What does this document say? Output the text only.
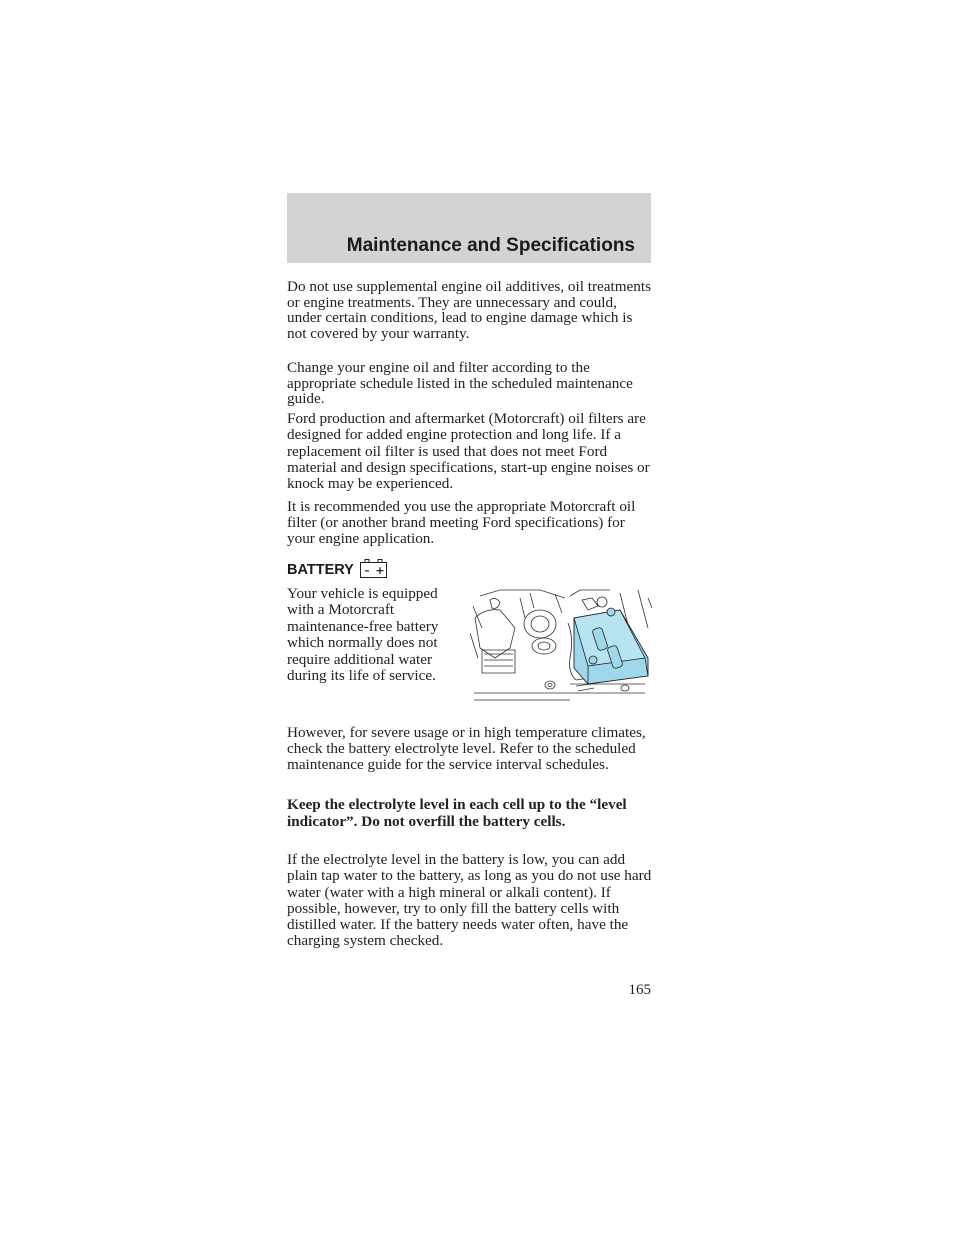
Maintenance and Specifications

Do not use supplemental engine oil additives, oil treatments or engine treatments. They are unnecessary and could, under certain conditions, lead to engine damage which is not covered by your warranty.

Change your engine oil and filter according to the appropriate schedule listed in the scheduled maintenance guide.

Ford production and aftermarket (Motorcraft) oil filters are designed for added engine protection and long life. If a replacement oil filter is used that does not meet Ford material and design specifications, start-up engine noises or knock may be experienced.

It is recommended you use the appropriate Motorcraft oil filter (or another brand meeting Ford specifications) for your engine application.

BATTERY – +

Your vehicle is equipped with a Motorcraft maintenance-free battery which normally does not require additional water during its life of service.

However, for severe usage or in high temperature climates, check the battery electrolyte level. Refer to the scheduled maintenance guide for the service interval schedules.

Keep the electrolyte level in each cell up to the “level indicator”. Do not overfill the battery cells.

If the electrolyte level in the battery is low, you can add plain tap water to the battery, as long as you do not use hard water (water with a high mineral or alkali content). If possible, however, try to only fill the battery cells with distilled water. If the battery needs water often, have the charging system checked.

165
